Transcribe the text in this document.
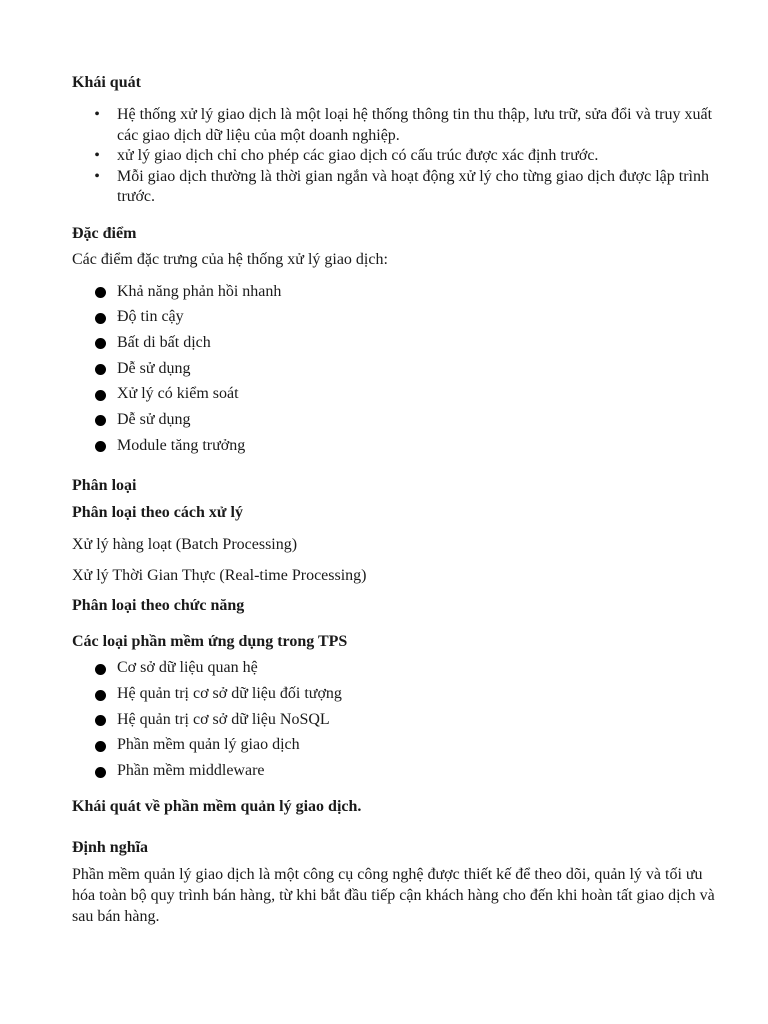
Khái quát
• Hệ thống xử lý giao dịch là một loại hệ thống thông tin thu thập, lưu trữ, sửa đổi và truy xuất các giao dịch dữ liệu của một doanh nghiệp.
• xử lý giao dịch chỉ cho phép các giao dịch có cấu trúc được xác định trước.
• Mỗi giao dịch thường là thời gian ngắn và hoạt động xử lý cho từng giao dịch được lập trình trước.
Đặc điểm

Các điểm đặc trưng của hệ thống xử lý giao dịch:

Khả năng phản hồi nhanh
Độ tin cậy
Bất di bất dịch
Dễ sử dụng
Xử lý có kiểm soát
Dễ sử dụng
Module tăng trưởng
Phân loại
Phân loại theo cách xử lý

Xử lý hàng loạt (Batch Processing)

Xử lý Thời Gian Thực (Real-time Processing)

Phân loại theo chức năng
Các loại phần mềm ứng dụng trong TPS
Cơ sở dữ liệu quan hệ
Hệ quản trị cơ sở dữ liệu đối tượng
Hệ quản trị cơ sở dữ liệu NoSQL
Phần mềm quản lý giao dịch
Phần mềm middleware
Khái quát về phần mềm quản lý giao dịch.
Định nghĩa

Phần mềm quản lý giao dịch là một công cụ công nghệ được thiết kế để theo dõi, quản lý và tối ưu hóa toàn bộ quy trình bán hàng, từ khi bắt đầu tiếp cận khách hàng cho đến khi hoàn tất giao dịch và sau bán hàng.
